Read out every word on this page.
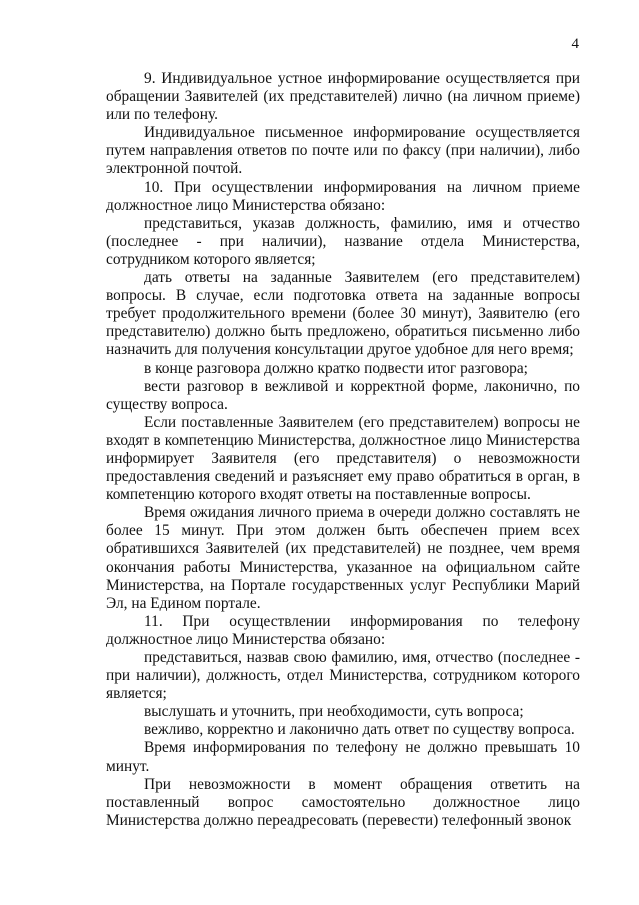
4

9. Индивидуальное устное информирование осуществляется при обращении Заявителей (их представителей) лично (на личном приеме) или по телефону.

Индивидуальное письменное информирование осуществляется путем направления ответов по почте или по факсу (при наличии), либо электронной почтой.

10. При осуществлении информирования на личном приеме должностное лицо Министерства обязано:

представиться, указав должность, фамилию, имя и отчество (последнее - при наличии), название отдела Министерства, сотрудником которого является;

дать ответы на заданные Заявителем (его представителем) вопросы. В случае, если подготовка ответа на заданные вопросы требует продолжительного времени (более 30 минут), Заявителю (его представителю) должно быть предложено, обратиться письменно либо назначить для получения консультации другое удобное для него время;

в конце разговора должно кратко подвести итог разговора;

вести разговор в вежливой и корректной форме, лаконично, по существу вопроса.

Если поставленные Заявителем (его представителем) вопросы не входят в компетенцию Министерства, должностное лицо Министерства информирует Заявителя (его представителя) о невозможности предоставления сведений и разъясняет ему право обратиться в орган, в компетенцию которого входят ответы на поставленные вопросы.

Время ожидания личного приема в очереди должно составлять не более 15 минут. При этом должен быть обеспечен прием всех обратившихся Заявителей (их представителей) не позднее, чем время окончания работы Министерства, указанное на официальном сайте Министерства, на Портале государственных услуг Республики Марий Эл, на Едином портале.

11. При осуществлении информирования по телефону должностное лицо Министерства обязано:

представиться, назвав свою фамилию, имя, отчество (последнее - при наличии), должность, отдел Министерства, сотрудником которого является;

выслушать и уточнить, при необходимости, суть вопроса;

вежливо, корректно и лаконично дать ответ по существу вопроса.

Время информирования по телефону не должно превышать 10 минут.

При невозможности в момент обращения ответить на поставленный вопрос самостоятельно должностное лицо Министерства должно переадресовать (перевести) телефонный звонок
